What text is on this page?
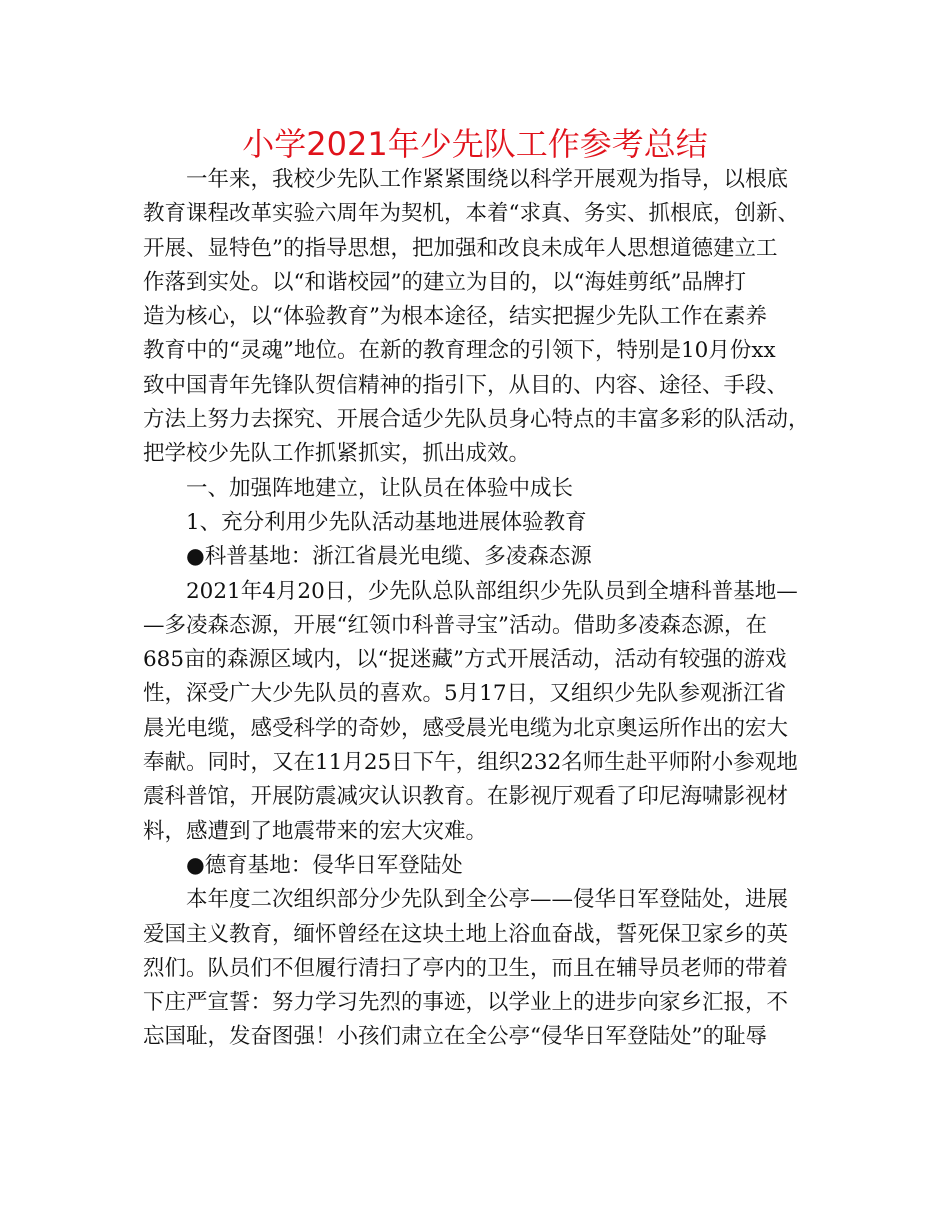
小学2021年少先队工作参考总结
一年来，我校少先队工作紧紧围绕以科学开展观为指导，以根底
教育课程改革实验六周年为契机，本着“求真、务实、抓根底，创新、
开展、显特色”的指导思想，把加强和改良未成年人思想道德建立工
作落到实处。以“和谐校园”的建立为目的，以“海娃剪纸”品牌打
造为核心，以“体验教育”为根本途径，结实把握少先队工作在素养
教育中的“灵魂”地位。在新的教育理念的引领下，特别是10月份xx
致中国青年先锋队贺信精神的指引下，从目的、内容、途径、手段、
方法上努力去探究、开展合适少先队员身心特点的丰富多彩的队活动，
把学校少先队工作抓紧抓实，抓出成效。
一、加强阵地建立，让队员在体验中成长
1、充分利用少先队活动基地进展体验教育
●科普基地：浙江省晨光电缆、多凌森态源
2021年4月20日，少先队总队部组织少先队员到全塘科普基地—
—多凌森态源，开展“红领巾科普寻宝”活动。借助多凌森态源，在
685亩的森源区域内，以“捉迷藏”方式开展活动，活动有较强的游戏
性，深受广大少先队员的喜欢。5月17日，又组织少先队参观浙江省
晨光电缆，感受科学的奇妙，感受晨光电缆为北京奥运所作出的宏大
奉献。同时，又在11月25日下午，组织232名师生赴平师附小参观地
震科普馆，开展防震减灾认识教育。在影视厅观看了印尼海啸影视材
料，感遭到了地震带来的宏大灾难。
●德育基地：侵华日军登陆处
本年度二次组织部分少先队到全公亭——侵华日军登陆处，进展
爱国主义教育，缅怀曾经在这块土地上浴血奋战，誓死保卫家乡的英
烈们。队员们不但履行清扫了亭内的卫生，而且在辅导员老师的带着
下庄严宣誓：努力学习先烈的事迹，以学业上的进步向家乡汇报，不
忘国耻，发奋图强！小孩们肃立在全公亭“侵华日军登陆处”的耻辱
